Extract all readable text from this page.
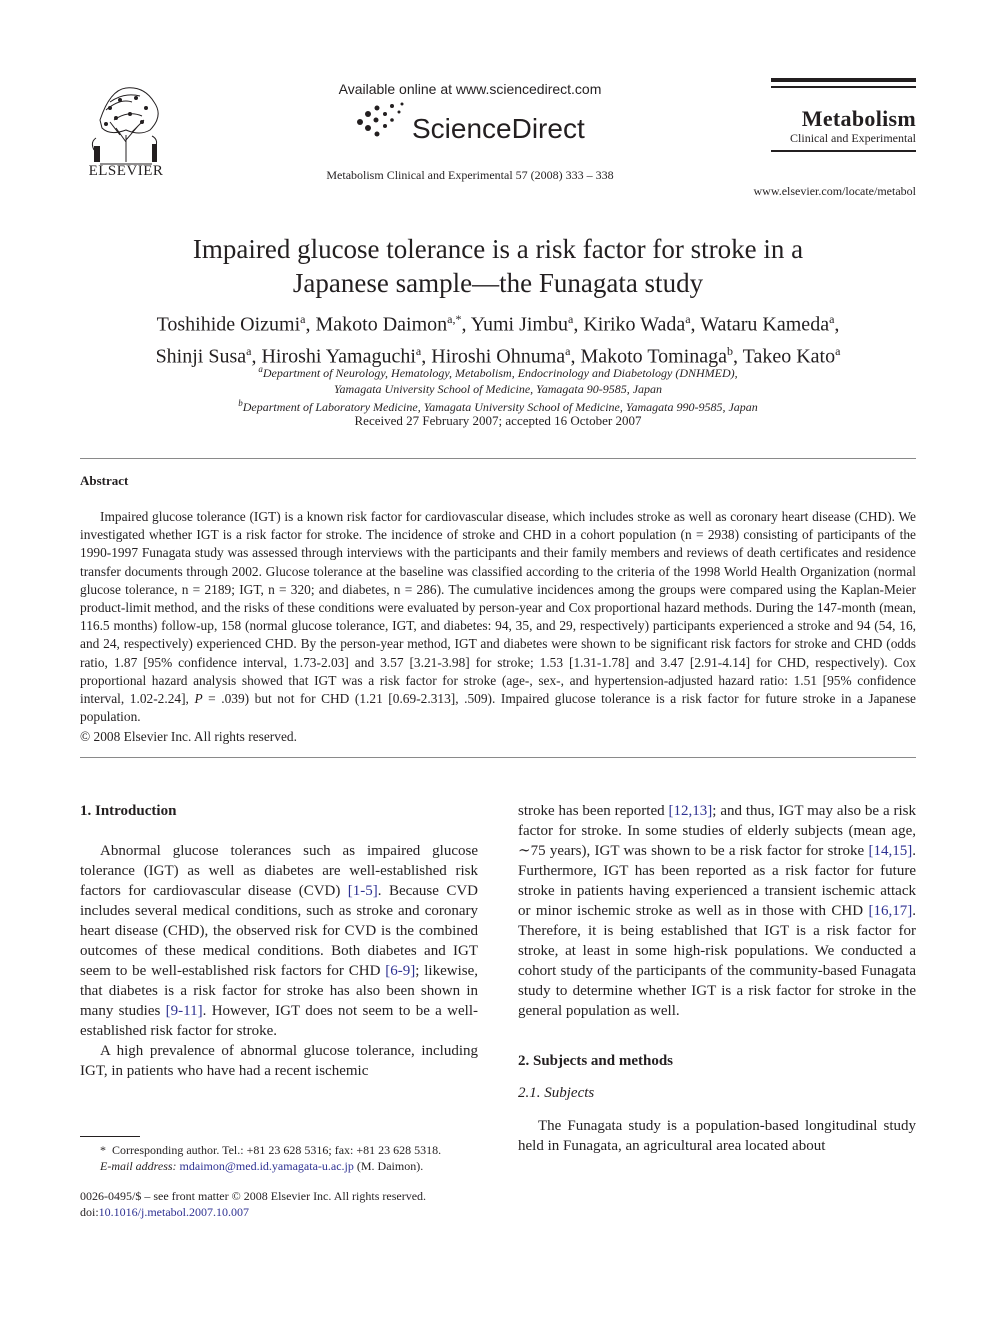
ELSEVIER
Available online at www.sciencedirect.com
ScienceDirect
Metabolism Clinical and Experimental 57 (2008) 333 – 338
Metabolism
Clinical and Experimental
www.elsevier.com/locate/metabol
Impaired glucose tolerance is a risk factor for stroke in a
Japanese sample—the Funagata study
Toshihide Oizumi$^a$, Makoto Daimon$^{a,*}$, Yumi Jimbu$^a$, Kiriko Wada$^a$, Wataru Kameda$^a$,
Shinji Susa$^a$, Hiroshi Yamaguchi$^a$, Hiroshi Ohnuma$^a$, Makoto Tominaga$^b$, Takeo Kato$^a$
$^a$Department of Neurology, Hematology, Metabolism, Endocrinology and Diabetology (DNHMED),
Yamagata University School of Medicine, Yamagata 90-9585, Japan
$^b$Department of Laboratory Medicine, Yamagata University School of Medicine, Yamagata 990-9585, Japan
Received 27 February 2007; accepted 16 October 2007
Abstract
Impaired glucose tolerance (IGT) is a known risk factor for cardiovascular disease, which includes stroke as well as coronary heart disease (CHD). We investigated whether IGT is a risk factor for stroke. The incidence of stroke and CHD in a cohort population (n = 2938) consisting of participants of the 1990-1997 Funagata study was assessed through interviews with the participants and their family members and reviews of death certificates and residence transfer documents through 2002. Glucose tolerance at the baseline was classified according to the criteria of the 1998 World Health Organization (normal glucose tolerance, n = 2189; IGT, n = 320; and diabetes, n = 286). The cumulative incidences among the groups were compared using the Kaplan-Meier product-limit method, and the risks of these conditions were evaluated by person-year and Cox proportional hazard methods. During the 147-month (mean, 116.5 months) follow-up, 158 (normal glucose tolerance, IGT, and diabetes: 94, 35, and 29, respectively) participants experienced a stroke and 94 (54, 16, and 24, respectively) experienced CHD. By the person-year method, IGT and diabetes were shown to be significant risk factors for stroke and CHD (odds ratio, 1.87 [95% confidence interval, 1.73-2.03] and 3.57 [3.21-3.98] for stroke; 1.53 [1.31-1.78] and 3.47 [2.91-4.14] for CHD, respectively). Cox proportional hazard analysis showed that IGT was a risk factor for stroke (age-, sex-, and hypertension-adjusted hazard ratio: 1.51 [95% confidence interval, 1.02-2.24], P = .039) but not for CHD (1.21 [0.69-2.313], .509). Impaired glucose tolerance is a risk factor for future stroke in a Japanese population.
© 2008 Elsevier Inc. All rights reserved.
1. Introduction

Abnormal glucose tolerances such as impaired glucose tolerance (IGT) as well as diabetes are well-established risk factors for cardiovascular disease (CVD) [1-5]. Because CVD includes several medical conditions, such as stroke and coronary heart disease (CHD), the observed risk for CVD is the combined outcomes of these medical conditions. Both diabetes and IGT seem to be well-established risk factors for CHD [6-9]; likewise, that diabetes is a risk factor for stroke has also been shown in many studies [9-11]. However, IGT does not seem to be a well-established risk factor for stroke.

A high prevalence of abnormal glucose tolerance, including IGT, in patients who have had a recent ischemic

stroke has been reported [12,13]; and thus, IGT may also be a risk factor for stroke. In some studies of elderly subjects (mean age, ∼75 years), IGT was shown to be a risk factor for stroke [14,15]. Furthermore, IGT has been reported as a risk factor for future stroke in patients having experienced a transient ischemic attack or minor ischemic stroke as well as in those with CHD [16,17]. Therefore, it is being established that IGT is a risk factor for stroke, at least in some high-risk populations. We conducted a cohort study of the participants of the community-based Funagata study to determine whether IGT is a risk factor for stroke in the general population as well.

2. Subjects and methods
2.1. Subjects

The Funagata study is a population-based longitudinal study held in Funagata, an agricultural area located about

* Corresponding author. Tel.: +81 23 628 5316; fax: +81 23 628 5318.
E-mail address: mdaimon@med.id.yamagata-u.ac.jp (M. Daimon).
0026-0495/$ – see front matter © 2008 Elsevier Inc. All rights reserved.
doi:10.1016/j.metabol.2007.10.007
